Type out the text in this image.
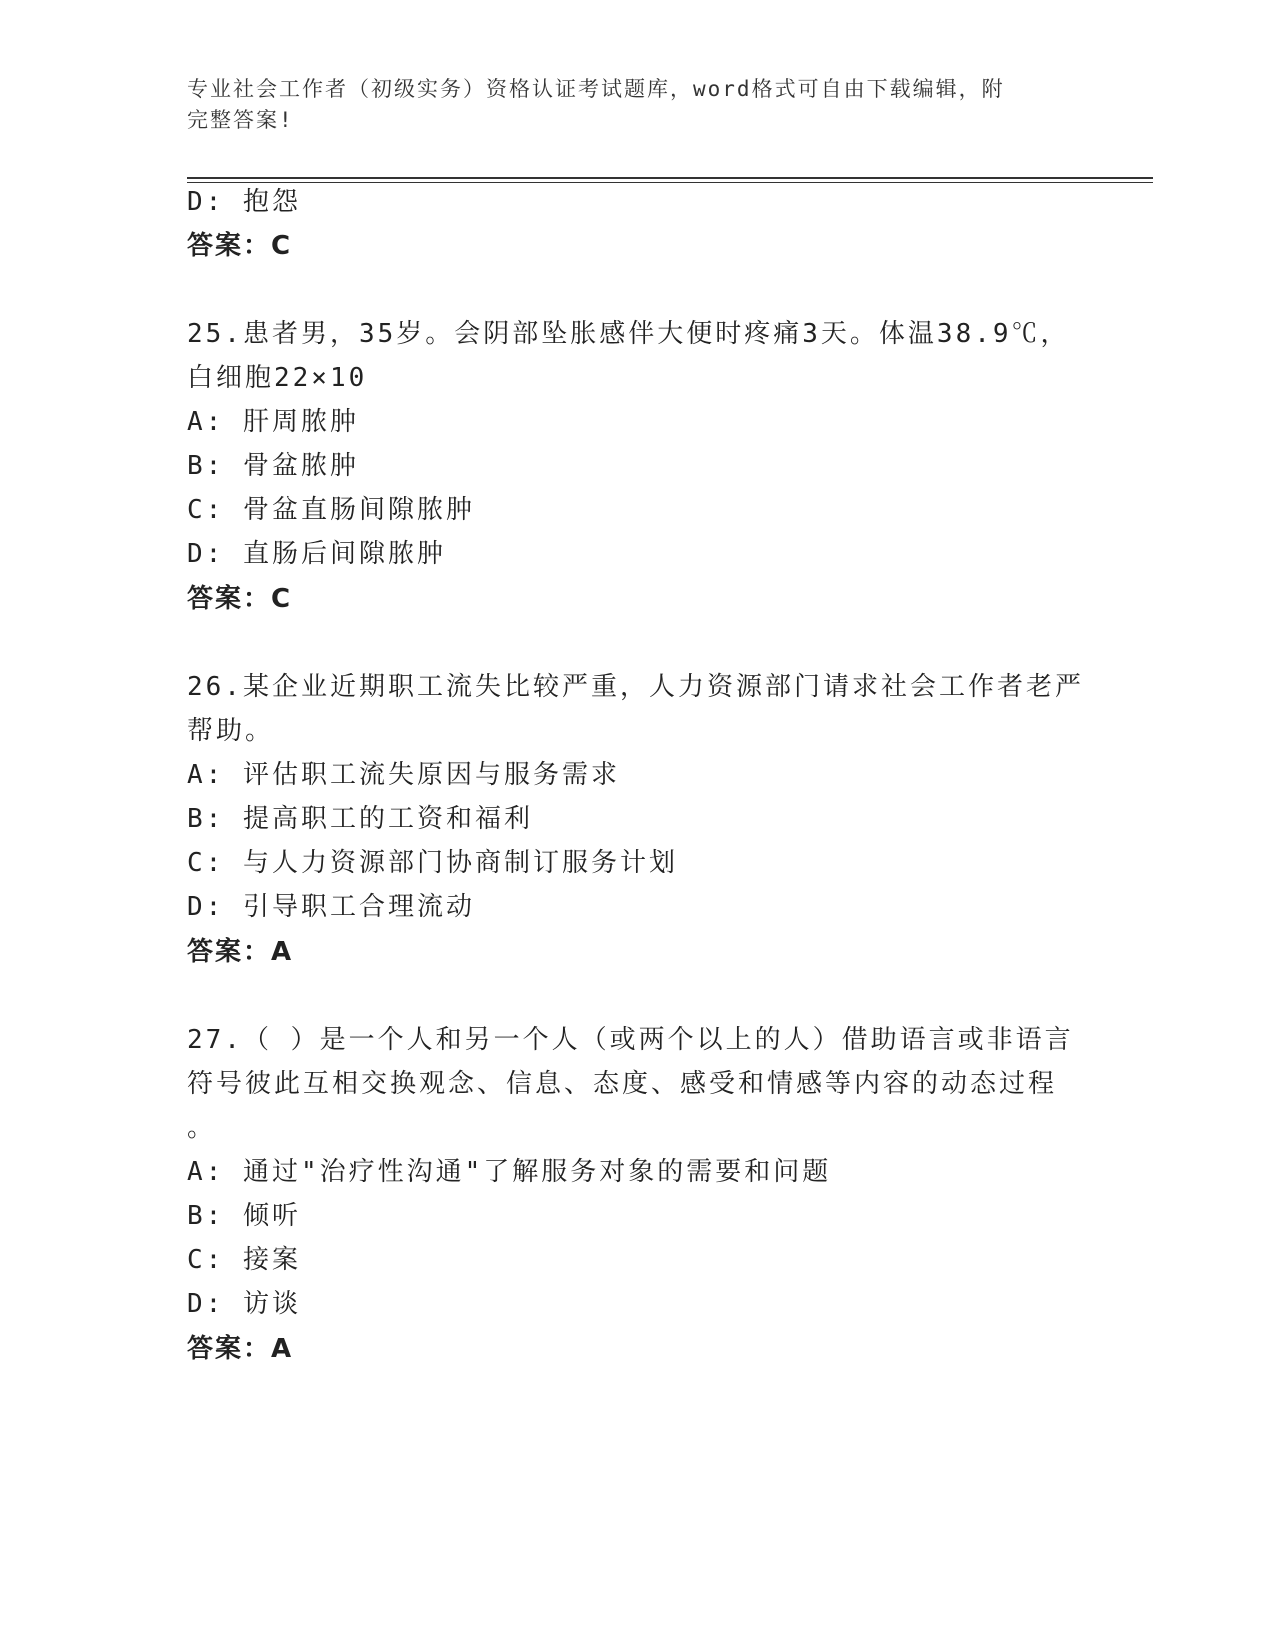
专业社会工作者（初级实务）资格认证考试题库，word格式可自由下载编辑，附
完整答案!
D: 抱怨
答案：C
25.患者男，35岁。会阴部坠胀感伴大便时疼痛3天。体温38.9℃，
白细胞22×10
A: 肝周脓肿
B: 骨盆脓肿
C: 骨盆直肠间隙脓肿
D: 直肠后间隙脓肿
答案：C
26.某企业近期职工流失比较严重，人力资源部门请求社会工作者老严
帮助。
A: 评估职工流失原因与服务需求
B: 提高职工的工资和福利
C: 与人力资源部门协商制订服务计划
D: 引导职工合理流动
答案：A
27.（ ）是一个人和另一个人（或两个以上的人）借助语言或非语言
符号彼此互相交换观念、信息、态度、感受和情感等内容的动态过程
。
A: 通过"治疗性沟通"了解服务对象的需要和问题
B: 倾听
C: 接案
D: 访谈
答案：A
